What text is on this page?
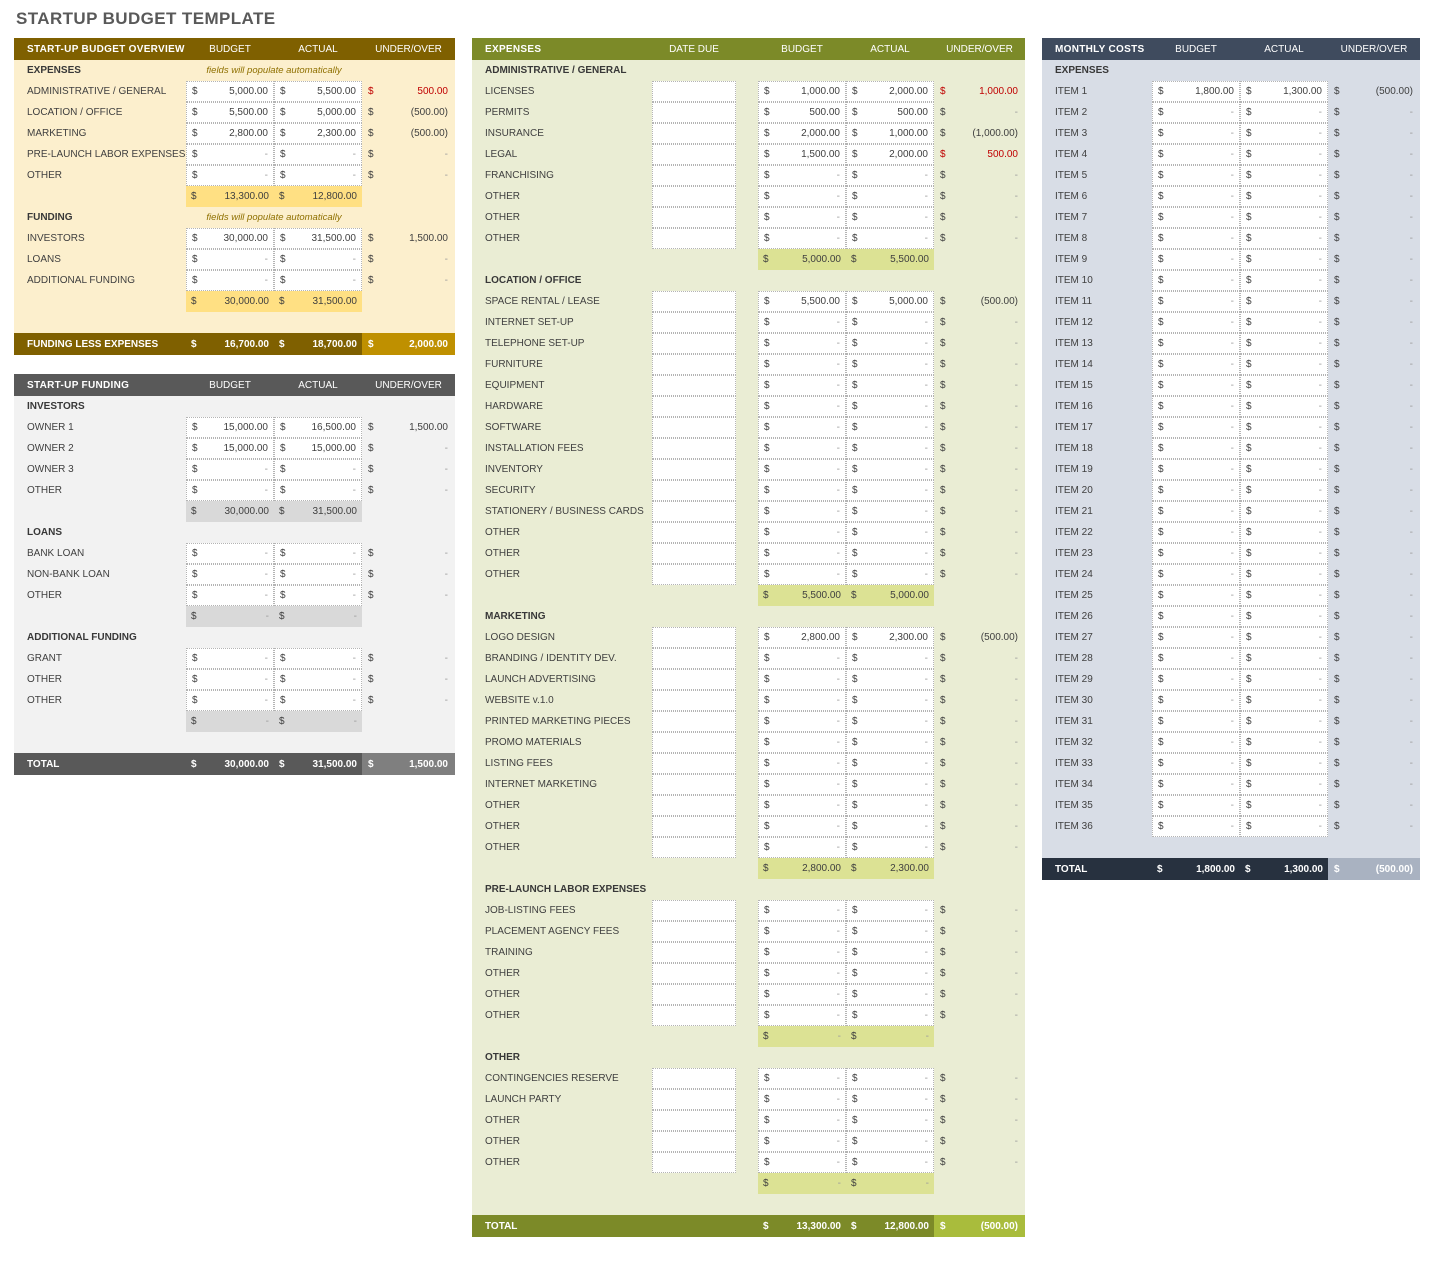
STARTUP BUDGET TEMPLATE
START-UP BUDGET OVERVIEW	BUDGET	ACTUAL	UNDER/OVER
EXPENSES	fields will populate automatically
ADMINISTRATIVE / GENERAL	$	5,000.00 $	5,500.00 $	500.00
LOCATION / OFFICE	$	5,500.00 $	5,000.00 $	(500.00)
MARKETING	$	2,800.00 $	2,300.00 $	(500.00)
PRE-LAUNCH LABOR EXPENSES $	- $	- $	-
OTHER	$	- $	- $	-
$	13,300.00 $	12,800.00
FUNDING	fields will populate automatically
INVESTORS	$	30,000.00 $	31,500.00 $	1,500.00
LOANS	$	- $	- $	-
ADDITIONAL FUNDING	$	- $	- $	-
$	30,000.00 $	31,500.00
FUNDING LESS EXPENSES	$	16,700.00 $	18,700.00 $	2,000.00
START-UP FUNDING	BUDGET	ACTUAL	UNDER/OVER
INVESTORS
OWNER 1	$	15,000.00 $	16,500.00 $	1,500.00
OWNER 2	$	15,000.00 $	15,000.00 $	-
OWNER 3	$	- $	- $	-
OTHER	$	- $	- $	-
$	30,000.00 $	31,500.00
LOANS
BANK LOAN	$	- $	- $	-
NON-BANK LOAN	$	- $	- $	-
OTHER	$	- $	- $	-
$	- $	-
ADDITIONAL FUNDING
GRANT	$	- $	- $	-
OTHER	$	- $	- $	-
OTHER	$	- $	- $	-
$	- $	-
TOTAL	$	30,000.00 $	31,500.00 $	1,500.00
EXPENSES	DATE DUE	BUDGET	ACTUAL	UNDER/OVER
ADMINISTRATIVE / GENERAL
LICENSES	$	1,000.00 $	2,000.00 $	1,000.00
PERMITS	$	500.00 $	500.00 $	-
INSURANCE	$	2,000.00 $	1,000.00 $	(1,000.00)
LEGAL	$	1,500.00 $	2,000.00 $	500.00
FRANCHISING	$	- $	- $	-
OTHER	$	- $	- $	-
OTHER	$	- $	- $	-
OTHER	$	- $	- $	-
$	5,000.00 $	5,500.00
LOCATION / OFFICE
SPACE RENTAL / LEASE	$	5,500.00 $	5,000.00 $	(500.00)
INTERNET SET-UP	$	- $	- $	-
TELEPHONE SET-UP	$	- $	- $	-
FURNITURE	$	- $	- $	-
EQUIPMENT	$	- $	- $	-
HARDWARE	$	- $	- $	-
SOFTWARE	$	- $	- $	-
INSTALLATION FEES	$	- $	- $	-
INVENTORY	$	- $	- $	-
SECURITY	$	- $	- $	-
STATIONERY / BUSINESS CARDS	$	- $	- $	-
OTHER	$	- $	- $	-
OTHER	$	- $	- $	-
OTHER	$	- $	- $	-
$	5,500.00 $	5,000.00
MARKETING
LOGO DESIGN	$	2,800.00 $	2,300.00 $	(500.00)
BRANDING / IDENTITY DEV.	$	- $	- $	-
LAUNCH ADVERTISING	$	- $	- $	-
WEBSITE v.1.0	$	- $	- $	-
PRINTED MARKETING PIECES	$	- $	- $	-
PROMO MATERIALS	$	- $	- $	-
LISTING FEES	$	- $	- $	-
INTERNET MARKETING	$	- $	- $	-
OTHER	$	- $	- $	-
OTHER	$	- $	- $	-
OTHER	$	- $	- $	-
$	2,800.00 $	2,300.00
PRE-LAUNCH LABOR EXPENSES
JOB-LISTING FEES	$	- $	- $	-
PLACEMENT AGENCY FEES	$	- $	- $	-
TRAINING	$	- $	- $	-
OTHER	$	- $	- $	-
OTHER	$	- $	- $	-
OTHER	$	- $	- $	-
$	- $	-
OTHER
CONTINGENCIES RESERVE	$	- $	- $	-
LAUNCH PARTY	$	- $	- $	-
OTHER	$	- $	- $	-
OTHER	$	- $	- $	-
OTHER	$	- $	- $	-
$	- $	-
TOTAL	$	13,300.00 $	12,800.00 $	(500.00)
MONTHLY COSTS	BUDGET	ACTUAL	UNDER/OVER
EXPENSES
ITEM 1	$	1,800.00 $	1,300.00 $	(500.00)
ITEM 2	$	- $	- $	-
ITEM 3	$	- $	- $	-
ITEM 4	$	- $	- $	-
ITEM 5	$	- $	- $	-
ITEM 6	$	- $	- $	-
ITEM 7	$	- $	- $	-
ITEM 8	$	- $	- $	-
ITEM 9	$	- $	- $	-
ITEM 10	$	- $	- $	-
ITEM 11	$	- $	- $	-
ITEM 12	$	- $	- $	-
ITEM 13	$	- $	- $	-
ITEM 14	$	- $	- $	-
ITEM 15	$	- $	- $	-
ITEM 16	$	- $	- $	-
ITEM 17	$	- $	- $	-
ITEM 18	$	- $	- $	-
ITEM 19	$	- $	- $	-
ITEM 20	$	- $	- $	-
ITEM 21	$	- $	- $	-
ITEM 22	$	- $	- $	-
ITEM 23	$	- $	- $	-
ITEM 24	$	- $	- $	-
ITEM 25	$	- $	- $	-
ITEM 26	$	- $	- $	-
ITEM 27	$	- $	- $	-
ITEM 28	$	- $	- $	-
ITEM 29	$	- $	- $	-
ITEM 30	$	- $	- $	-
ITEM 31	$	- $	- $	-
ITEM 32	$	- $	- $	-
ITEM 33	$	- $	- $	-
ITEM 34	$	- $	- $	-
ITEM 35	$	- $	- $	-
ITEM 36	$	- $	- $	-
TOTAL	$	1,800.00 $	1,300.00 $	(500.00)
